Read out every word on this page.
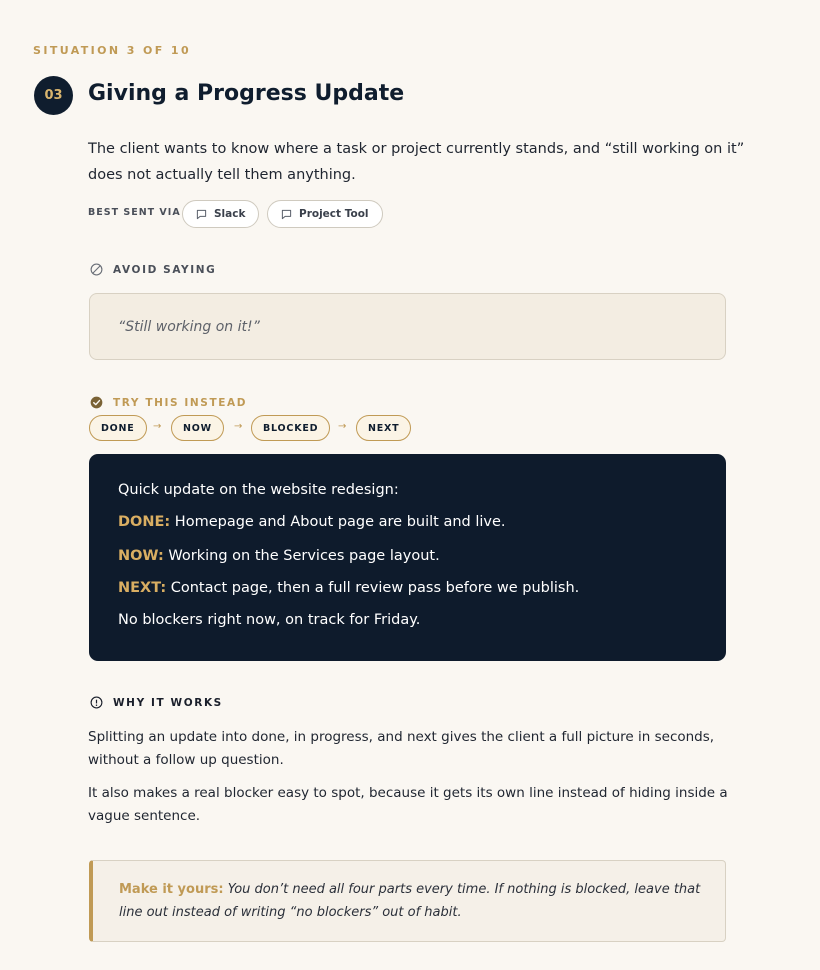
SITUATION 3 OF 10
03	Giving a Progress Update

The client wants to know where a task or project currently stands, and “still working on it” does not actually tell them anything.

BEST SENT VIA	Slack	Project Tool
AVOID SAYING
“Still working on it!”
TRY THIS INSTEAD
DONE	→	NOW	→	BLOCKED	→	NEXT
Quick update on the website redesign:
DONE: Homepage and About page are built and live.
NOW: Working on the Services page layout.
NEXT: Contact page, then a full review pass before we publish.
No blockers right now, on track for Friday.
WHY IT WORKS

Splitting an update into done, in progress, and next gives the client a full picture in seconds, without a follow up question.

It also makes a real blocker easy to spot, because it gets its own line instead of hiding inside a vague sentence.

Make it yours: You don’t need all four parts every time. If nothing is blocked, leave that line out instead of writing “no blockers” out of habit.
